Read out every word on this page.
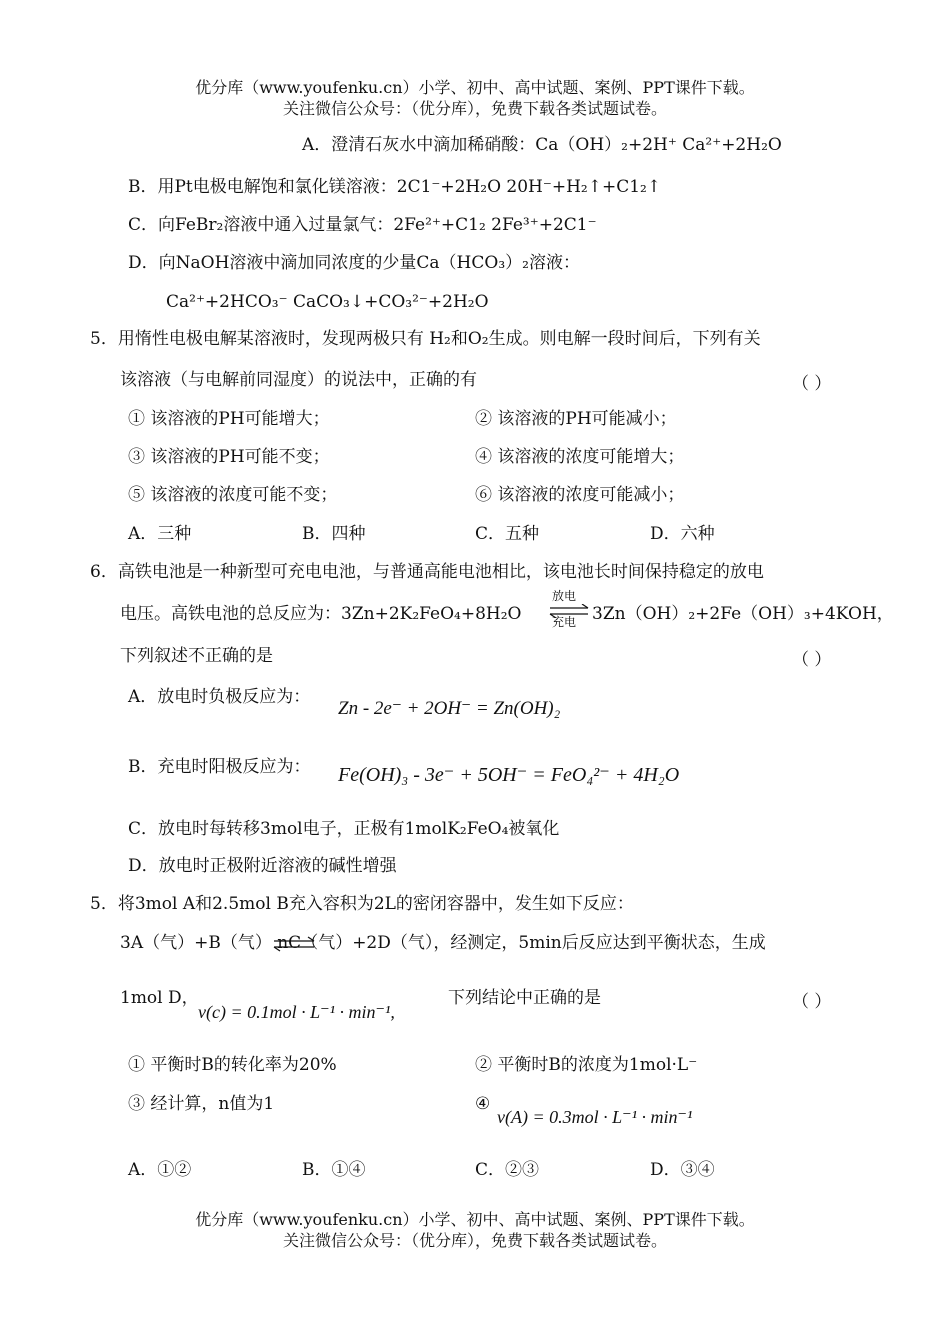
优分库（www.youfenku.cn）小学、初中、高中试题、案例、PPT课件下载。
关注微信公众号：（优分库），免费下载各类试题试卷。
A．澄清石灰水中滴加稀硝酸：Ca（OH）₂+2H⁺ Ca²⁺+2H₂O
B．用Pt电极电解饱和氯化镁溶液：2C1⁻+2H₂O 20H⁻+H₂↑+C1₂↑
C．向FeBr₂溶液中通入过量氯气：2Fe²⁺+C1₂ 2Fe³⁺+2C1⁻
D．向NaOH溶液中滴加同浓度的少量Ca（HCO₃）₂溶液：
Ca²⁺+2HCO₃⁻ CaCO₃↓+CO₃²⁻+2H₂O
5．用惰性电极电解某溶液时，发现两极只有 H₂和O₂生成。则电解一段时间后，下列有关
该溶液（与电解前同湿度）的说法中，正确的有	（ ）
① 该溶液的PH可能增大；	② 该溶液的PH可能减小；
③ 该溶液的PH可能不变；	④ 该溶液的浓度可能增大；
⑤ 该溶液的浓度可能不变；	⑥ 该溶液的浓度可能减小；
A．三种	B．四种	C．五种	D．六种
6．高铁电池是一种新型可充电电池，与普通高能电池相比，该电池长时间保持稳定的放电
电压。高铁电池的总反应为：3Zn+2K₂FeO₄+8H₂O
放电
充电 3Zn（OH）₂+2Fe（OH）₃+4KOH，
下列叙述不正确的是	（ ）
A．放电时负极反应为：
Zn - 2e⁻ + 2OH⁻ = Zn(OH)₂
B．充电时阳极反应为： Fe(OH)₃ - 3e⁻ + 5OH⁻ = FeO₄²⁻ + 4H₂O
C．放电时每转移3mol电子，正极有1molK₂FeO₄被氧化
D．放电时正极附近溶液的碱性增强
5．将3mol A和2.5mol B充入容积为2L的密闭容器中，发生如下反应：
3A（气）+B（气） nC（气）+2D（气），经测定，5min后反应达到平衡状态，生成
1mol D，
v(c) = 0.1mol · L⁻¹ · min⁻¹,
下列结论中正确的是	（ ）
① 平衡时B的转化率为20%	② 平衡时B的浓度为1mol·L⁻
③ 经计算，n值为1	④
v(A) = 0.3mol · L⁻¹ · min⁻¹
A．①②	B．①④	C．②③	D．③④
优分库（www.youfenku.cn）小学、初中、高中试题、案例、PPT课件下载。
关注微信公众号：（优分库），免费下载各类试题试卷。
